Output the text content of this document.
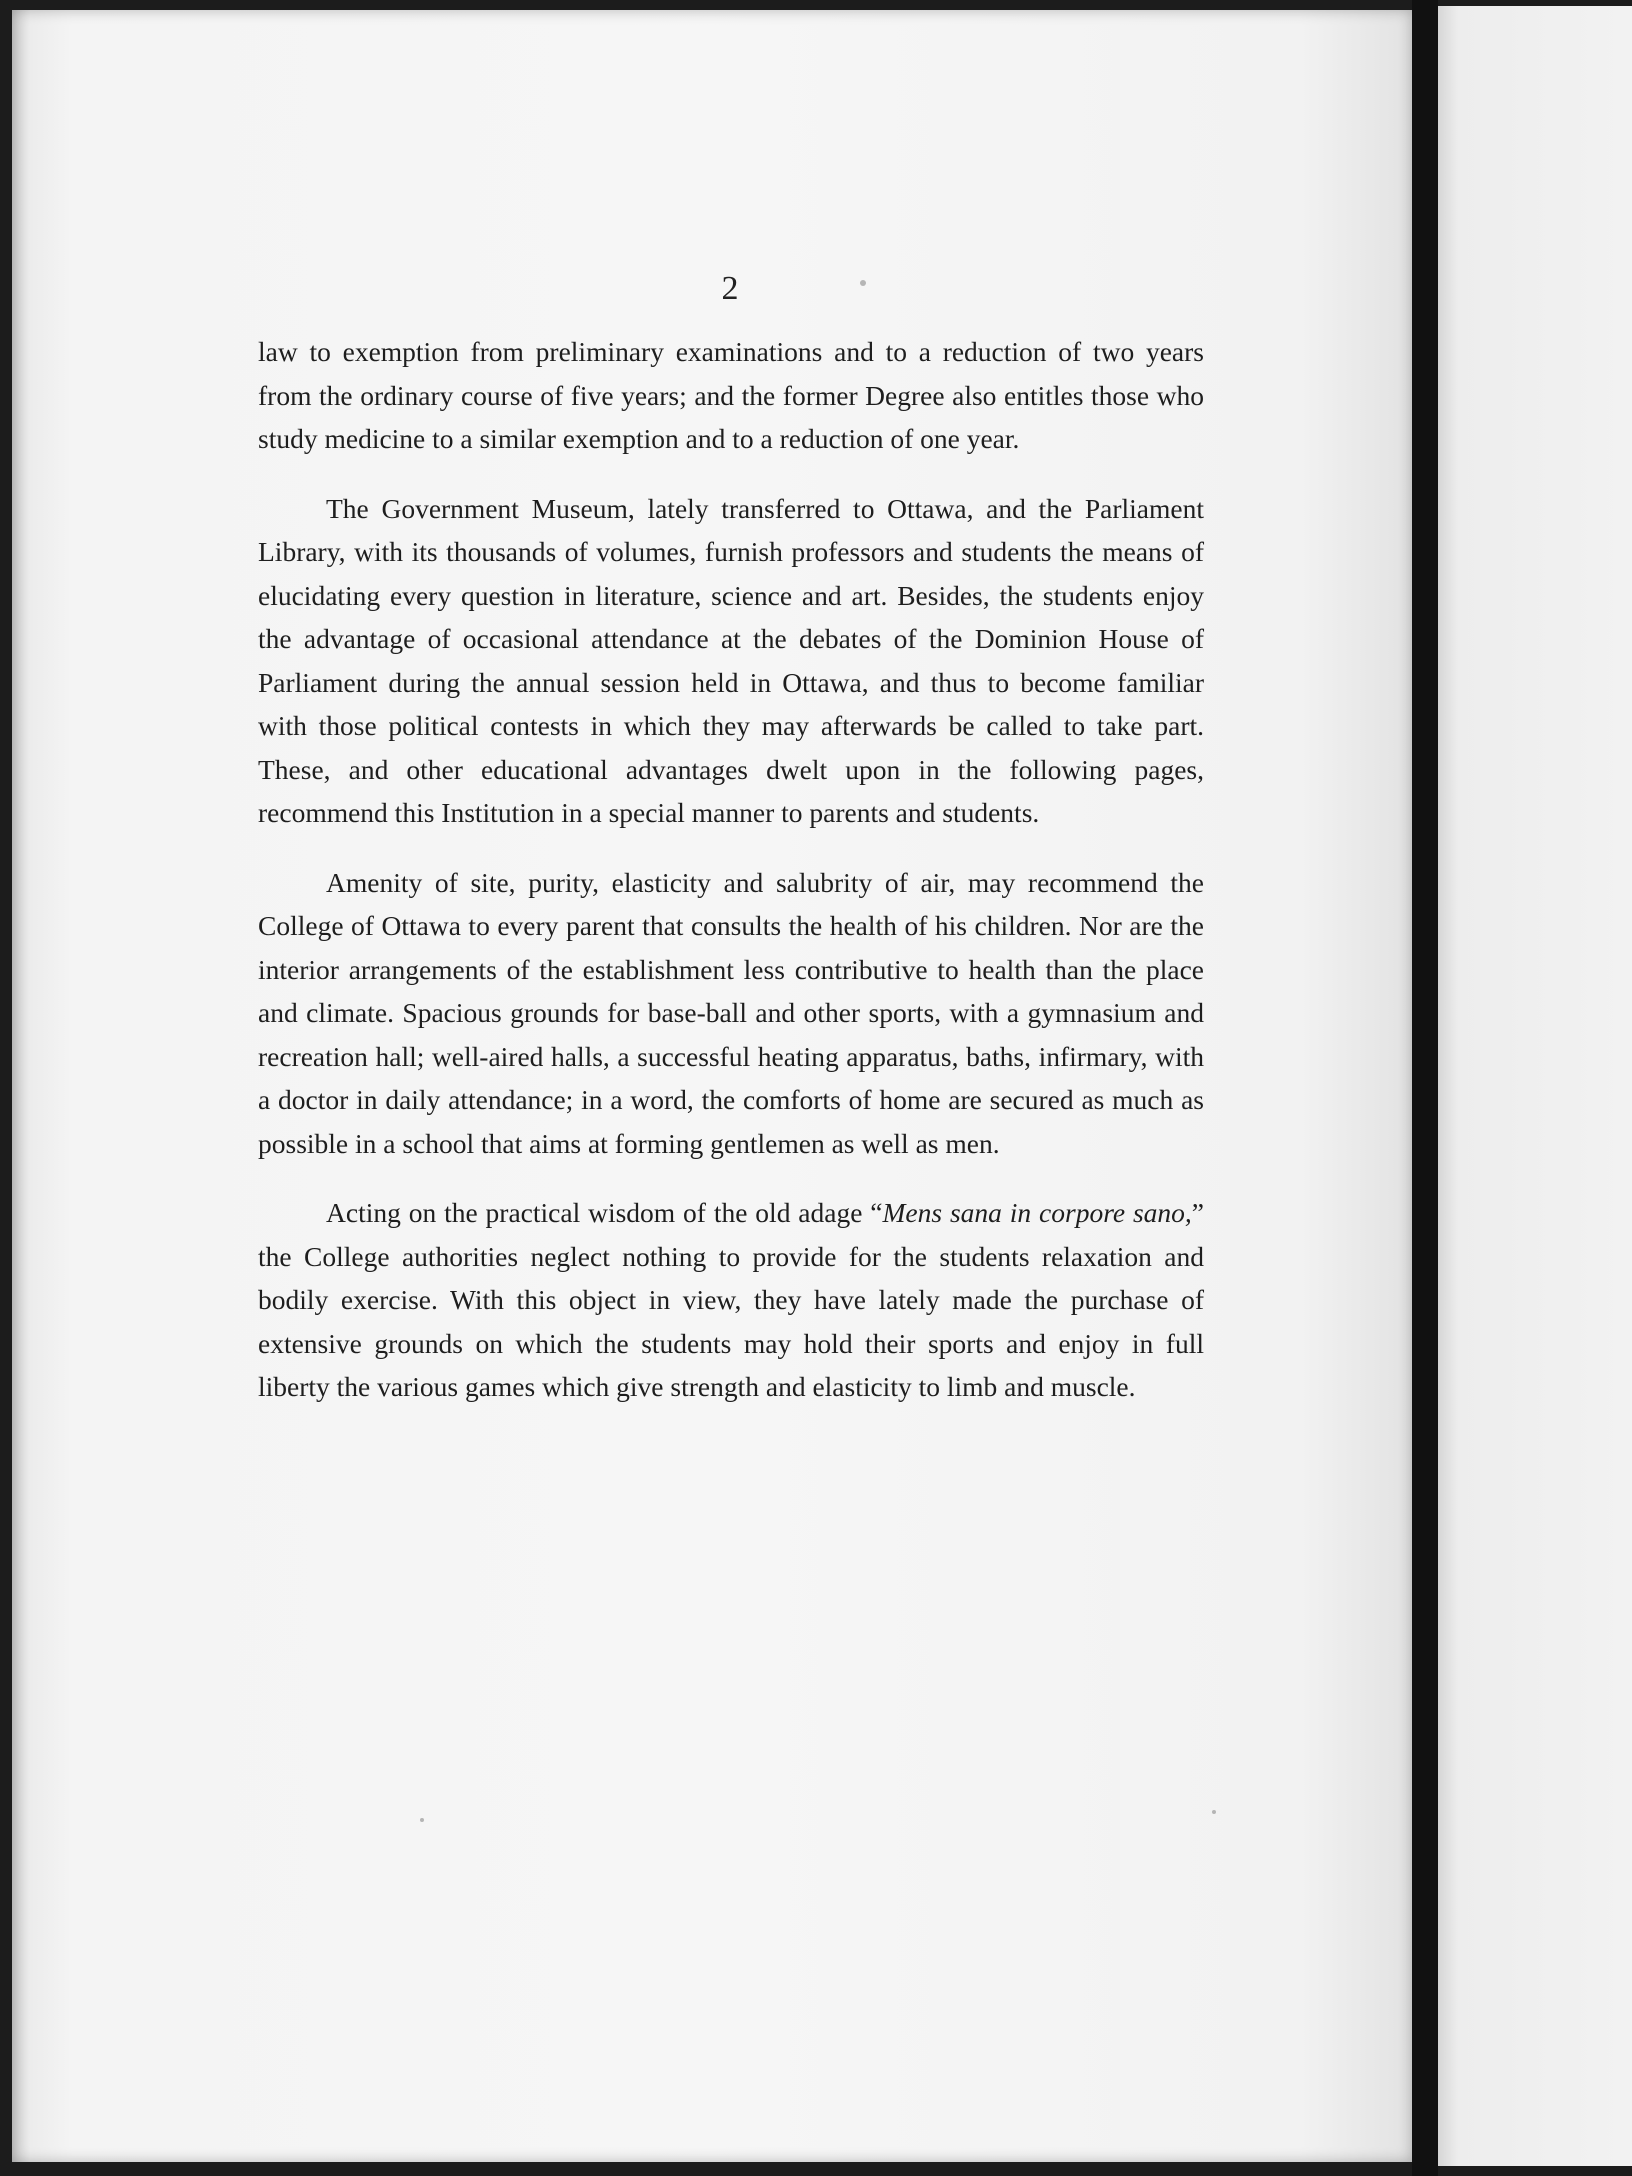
2

law to exemption from preliminary examinations and to a reduction of two years from the ordinary course of five years; and the former Degree also entitles those who study medicine to a similar exemption and to a reduction of one year.

The Government Museum, lately transferred to Ottawa, and the Parliament Library, with its thousands of volumes, furnish professors and students the means of elucidating every question in literature, science and art. Besides, the students enjoy the advantage of occasional attendance at the debates of the Dominion House of Parliament during the annual session held in Ottawa, and thus to become familiar with those political contests in which they may afterwards be called to take part. These, and other educational advantages dwelt upon in the following pages, recommend this Institution in a special manner to parents and students.

Amenity of site, purity, elasticity and salubrity of air, may recommend the College of Ottawa to every parent that consults the health of his children. Nor are the interior arrangements of the establishment less contributive to health than the place and climate. Spacious grounds for base-ball and other sports, with a gymnasium and recreation hall; well-aired halls, a successful heating apparatus, baths, infirmary, with a doctor in daily attendance; in a word, the comforts of home are secured as much as possible in a school that aims at forming gentlemen as well as men.

Acting on the practical wisdom of the old adage “Mens sana in corpore sano,” the College authorities neglect nothing to provide for the students relaxation and bodily exercise. With this object in view, they have lately made the purchase of extensive grounds on which the students may hold their sports and enjoy in full liberty the various games which give strength and elasticity to limb and muscle.
